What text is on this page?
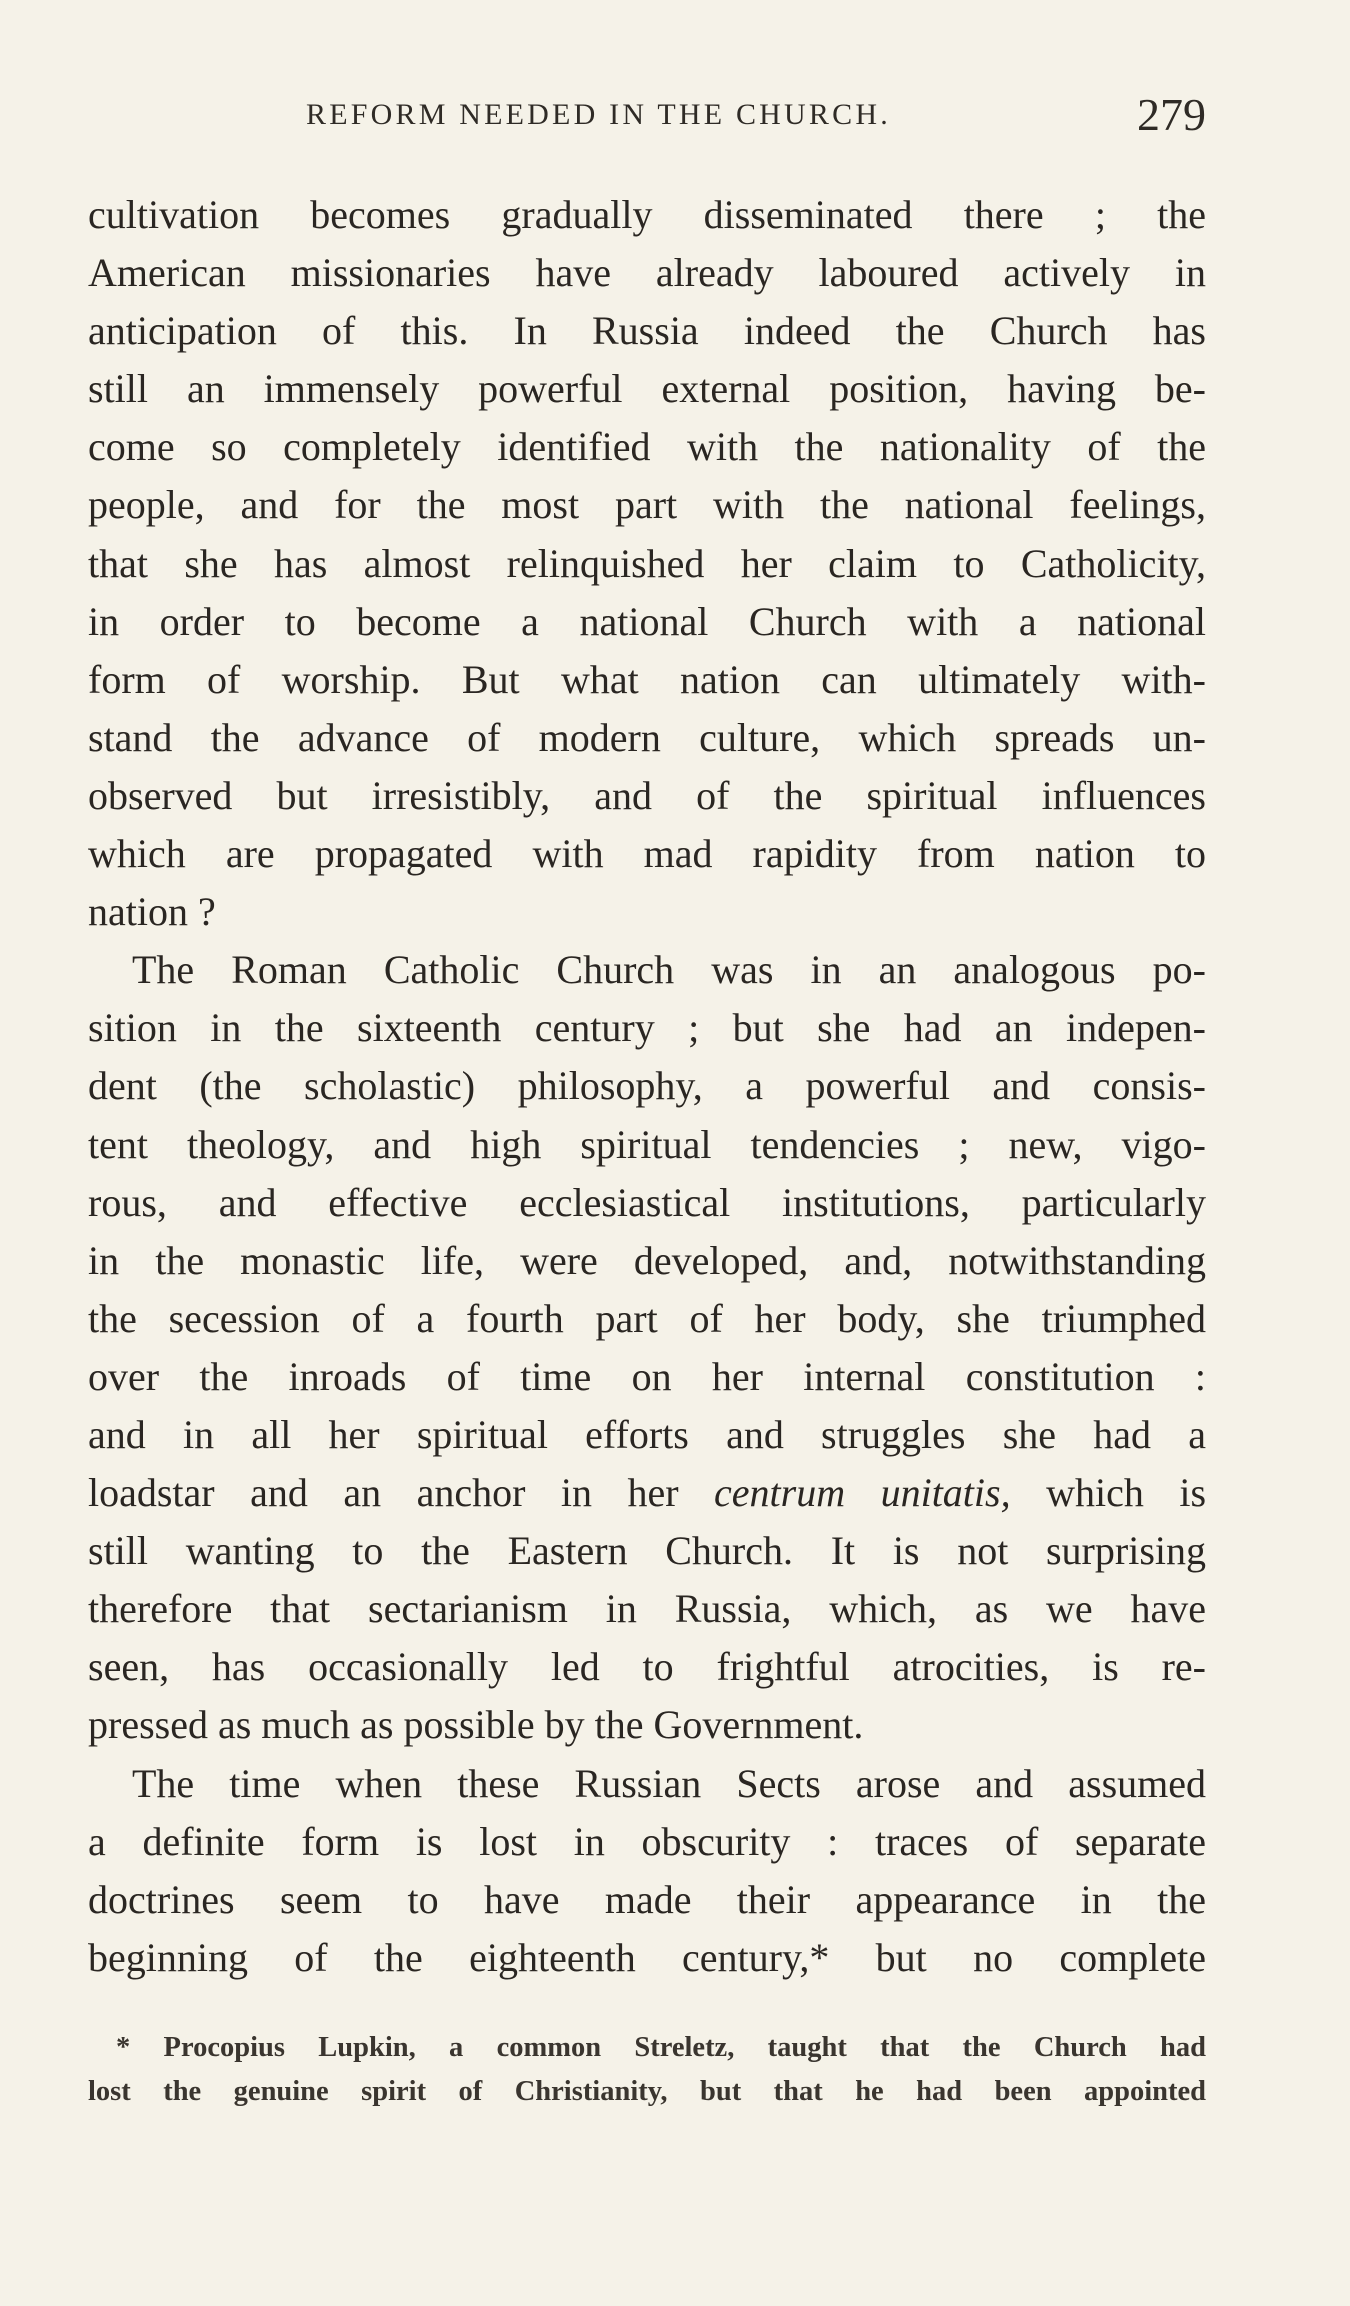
REFORM NEEDED IN THE CHURCH.	279
cultivation becomes gradually disseminated there ; the
American missionaries have already laboured actively in
anticipation of this. In Russia indeed the Church has
still an immensely powerful external position, having be-
come so completely identified with the nationality of the
people, and for the most part with the national feelings,
that she has almost relinquished her claim to Catholicity,
in order to become a national Church with a national
form of worship. But what nation can ultimately with-
stand the advance of modern culture, which spreads un-
observed but irresistibly, and of the spiritual influences
which are propagated with mad rapidity from nation to
nation ?
The Roman Catholic Church was in an analogous po-
sition in the sixteenth century ; but she had an indepen-
dent (the scholastic) philosophy, a powerful and consis-
tent theology, and high spiritual tendencies ; new, vigo-
rous, and effective ecclesiastical institutions, particularly
in the monastic life, were developed, and, notwithstanding
the secession of a fourth part of her body, she triumphed
over the inroads of time on her internal constitution :
and in all her spiritual efforts and struggles she had a
loadstar and an anchor in her centrum unitatis, which is
still wanting to the Eastern Church. It is not surprising
therefore that sectarianism in Russia, which, as we have
seen, has occasionally led to frightful atrocities, is re-
pressed as much as possible by the Government.
The time when these Russian Sects arose and assumed
a definite form is lost in obscurity : traces of separate
doctrines seem to have made their appearance in the
beginning of the eighteenth century,* but no complete
* Procopius Lupkin, a common Streletz, taught that the Church had
lost the genuine spirit of Christianity, but that he had been appointed
